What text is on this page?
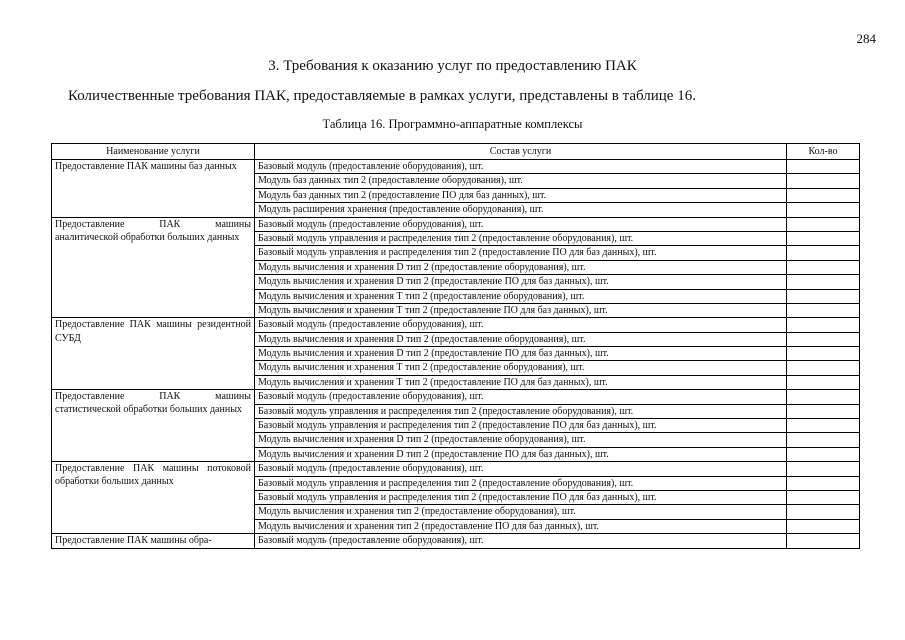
284
3. Требования к оказанию услуг по предоставлению ПАК
Количественные требования ПАК, предоставляемые в рамках услуги, представлены в таблице 16.
Таблица 16. Программно-аппаратные комплексы
Наименование услуги	Состав услуги	Кол-во
Предоставление ПАК машины баз данных	Базовый модуль (предоставление оборудования), шт.	
	Модуль баз данных тип 2 (предоставление оборудования), шт.	
	Модуль баз данных тип 2 (предоставление ПО для баз данных), шт.	
	Модуль расширения хранения (предоставление оборудования), шт.	
Предоставление ПАК машины аналитической обработки больших данных	Базовый модуль (предоставление оборудования), шт.	
	Базовый модуль управления и распределения тип 2 (предоставление оборудования), шт.	
	Базовый модуль управления и распределения тип 2 (предоставление ПО для баз данных), шт.	
	Модуль вычисления и хранения D тип 2 (предоставление оборудования), шт.	
	Модуль вычисления и хранения D тип 2 (предоставление ПО для баз данных), шт.	
	Модуль вычисления и хранения Т тип 2 (предоставление оборудования), шт.	
	Модуль вычисления и хранения Т тип 2 (предоставление ПО для баз данных), шт.	
Предоставление ПАК машины резидентной СУБД	Базовый модуль (предоставление оборудования), шт.	
	Модуль вычисления и хранения D тип 2 (предоставление оборудования), шт.	
	Модуль вычисления и хранения D тип 2 (предоставление ПО для баз данных), шт.	
	Модуль вычисления и хранения Т тип 2 (предоставление оборудования), шт.	
	Модуль вычисления и хранения Т тип 2 (предоставление ПО для баз данных), шт.	
Предоставление ПАК машины статистической обработки больших данных	Базовый модуль (предоставление оборудования), шт.	
	Базовый модуль управления и распределения тип 2 (предоставление оборудования), шт.	
	Базовый модуль управления и распределения тип 2 (предоставление ПО для баз данных), шт.	
	Модуль вычисления и хранения D тип 2 (предоставление оборудования), шт.	
	Модуль вычисления и хранения D тип 2 (предоставление ПО для баз данных), шт.	
Предоставление ПАК машины потоковой обработки больших данных	Базовый модуль (предоставление оборудования), шт.	
	Базовый модуль управления и распределения тип 2 (предоставление оборудования), шт.	
	Базовый модуль управления и распределения тип 2 (предоставление ПО для баз данных), шт.	
	Модуль вычисления и хранения тип 2 (предоставление оборудования), шт.	
	Модуль вычисления и хранения тип 2 (предоставление ПО для баз данных), шт.	
Предоставление ПАК машины обра-	Базовый модуль (предоставление оборудования), шт.	
